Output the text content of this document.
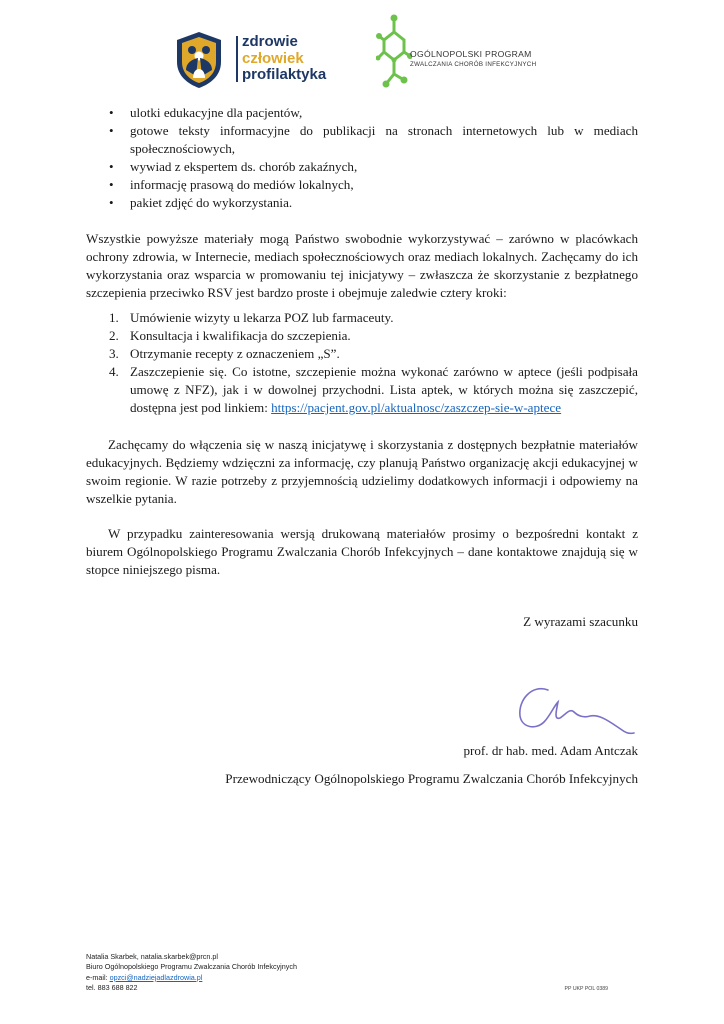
zdrowie
człowiek
profilaktyka
OGÓLNOPOLSKI PROGRAM
ZWALCZANIA CHORÓB INFEKCYJNYCH
• ulotki edukacyjne dla pacjentów,
• gotowe teksty informacyjne do publikacji na stronach internetowych lub w mediach społecznościowych,
• wywiad z ekspertem ds. chorób zakaźnych,
• informację prasową do mediów lokalnych,
• pakiet zdjęć do wykorzystania.

Wszystkie powyższe materiały mogą Państwo swobodnie wykorzystywać – zarówno w placówkach ochrony zdrowia, w Internecie, mediach społecznościowych oraz mediach lokalnych. Zachęcamy do ich wykorzystania oraz wsparcia w promowaniu tej inicjatywy – zwłaszcza że skorzystanie z bezpłatnego szczepienia przeciwko RSV jest bardzo proste i obejmuje zaledwie cztery kroki:

1. Umówienie wizyty u lekarza POZ lub farmaceuty.
2. Konsultacja i kwalifikacja do szczepienia.
3. Otrzymanie recepty z oznaczeniem „S”.
4. Zaszczepienie się. Co istotne, szczepienie można wykonać zarówno w aptece (jeśli podpisała umowę z NFZ), jak i w dowolnej przychodni. Lista aptek, w których można się zaszczepić, dostępna jest pod linkiem: https://pacjent.gov.pl/aktualnosc/zaszczep-sie-w-aptece

Zachęcamy do włączenia się w naszą inicjatywę i skorzystania z dostępnych bezpłatnie materiałów edukacyjnych. Będziemy wdzięczni za informację, czy planują Państwo organizację akcji edukacyjnej w swoim regionie. W razie potrzeby z przyjemnością udzielimy dodatkowych informacji i odpowiemy na wszelkie pytania.

W przypadku zainteresowania wersją drukowaną materiałów prosimy o bezpośredni kontakt z biurem Ogólnopolskiego Programu Zwalczania Chorób Infekcyjnych – dane kontaktowe znajdują się w stopce niniejszego pisma.

Z wyrazami szacunku

prof. dr hab. med. Adam Antczak
Przewodniczący Ogólnopolskiego Programu Zwalczania Chorób Infekcyjnych
Natalia Skarbek, natalia.skarbek@prcn.pl
Biuro Ogólnopolskiego Programu Zwalczania Chorób Infekcyjnych
e-mail: opzci@nadziejadlazdrowia.pl
tel. 883 688 822	PP UKP POL 0389
